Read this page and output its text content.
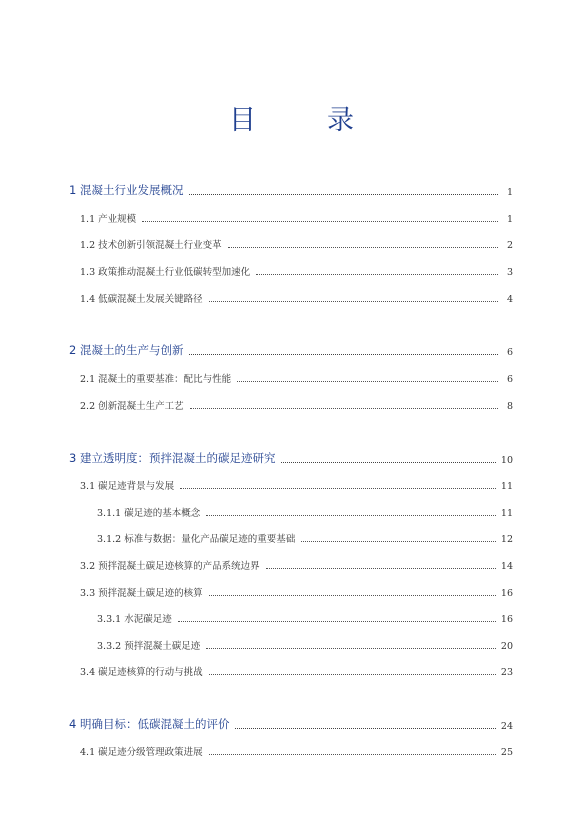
目　录
1 混凝土行业发展概况	1
1.1 产业规模	1
1.2 技术创新引领混凝土行业变革	2
1.3 政策推动混凝土行业低碳转型加速化	3
1.4 低碳混凝土发展关键路径	4
2 混凝土的生产与创新	6
2.1 混凝土的重要基准：配比与性能	6
2.2 创新混凝土生产工艺	8
3 建立透明度：预拌混凝土的碳足迹研究	10
3.1 碳足迹背景与发展	11
3.1.1 碳足迹的基本概念	11
3.1.2 标准与数据：量化产品碳足迹的重要基础	12
3.2 预拌混凝土碳足迹核算的产品系统边界	14
3.3 预拌混凝土碳足迹的核算	16
3.3.1 水泥碳足迹	16
3.3.2 预拌混凝土碳足迹	20
3.4 碳足迹核算的行动与挑战	23
4 明确目标：低碳混凝土的评价	24
4.1 碳足迹分级管理政策进展	25
